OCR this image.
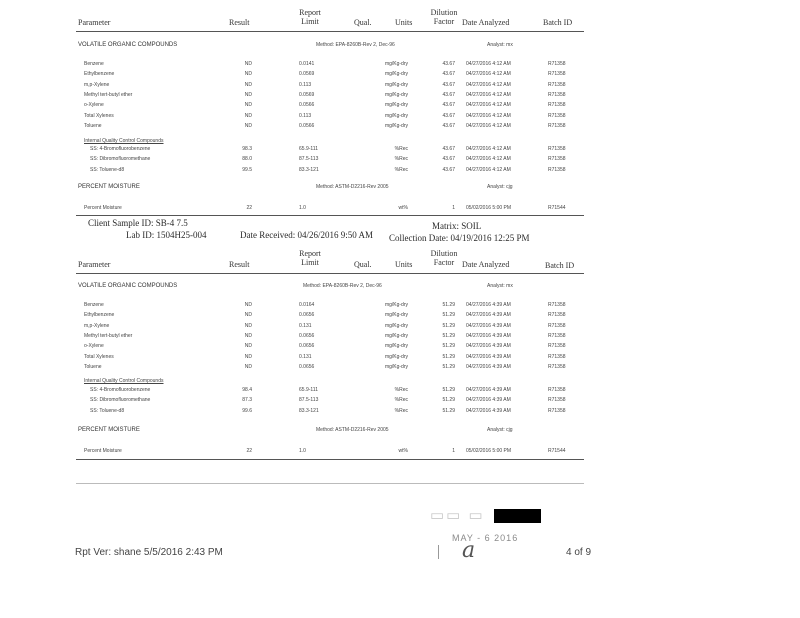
Parameter	Result
Report
Limit	Qual.	Units
Dilution
Factor Date Analyzed	Batch ID
VOLATILE ORGANIC COMPOUNDS	Method: EPA-8260B-Rev 2, Dec-96	Analyst: mx
Benzene	ND	0.0141	mg/Kg-dry	43.67 04/27/2016 4:12 AM	R71358
Ethylbenzene	ND	0.0569	mg/Kg-dry	43.67 04/27/2016 4:12 AM	R71358
m,p-Xylene	ND	0.113	mg/Kg-dry	43.67 04/27/2016 4:12 AM	R71358
Methyl tert-butyl ether	ND	0.0569	mg/Kg-dry	43.67 04/27/2016 4:12 AM	R71358
o-Xylene	ND	0.0566	mg/Kg-dry	43.67 04/27/2016 4:12 AM	R71358
Total Xylenes	ND	0.113	mg/Kg-dry	43.67 04/27/2016 4:12 AM	R71358
Toluene	ND	0.0566	mg/Kg-dry	43.67 04/27/2016 4:12 AM	R71358
Internal Quality Control Compounds
SS: 4-Bromofluorobenzene	98.3	65.9-111	%Rec	43.67 04/27/2016 4:12 AM	R71358
SS: Dibromofluoromethane	88.0	87.5-113	%Rec	43.67 04/27/2016 4:12 AM	R71358
SS: Toluene-d8	99.5	83.3-121	%Rec	43.67 04/27/2016 4:12 AM	R71358
PERCENT MOISTURE	Method: ASTM-D2216-Rev 2005	Analyst: cjg
Percent Moisture	22	1.0	wt%	1 05/02/2016 5:00 PM	R71544
Client Sample ID: SB-4 7.5
Lab ID: 1504H25-004	Date Received: 04/26/2016 9:50 AM
Matrix: SOIL
Collection Date: 04/19/2016 12:25 PM
Parameter	Result
Report
Limit	Qual.	Units
Dilution
Factor Date Analyzed	Batch ID
VOLATILE ORGANIC COMPOUNDS	Method: EPA-8260B-Rev 2, Dec-96	Analyst: mx
Benzene	ND	0.0164	mg/Kg-dry	51.29 04/27/2016 4:39 AM	R71358
Ethylbenzene	ND	0.0656	mg/Kg-dry	51.29 04/27/2016 4:39 AM	R71358
m,p-Xylene	ND	0.131	mg/Kg-dry	51.29 04/27/2016 4:39 AM	R71358
Methyl tert-butyl ether	ND	0.0656	mg/Kg-dry	51.29 04/27/2016 4:39 AM	R71358
o-Xylene	ND	0.0656	mg/Kg-dry	51.29 04/27/2016 4:39 AM	R71358
Total Xylenes	ND	0.131	mg/Kg-dry	51.29 04/27/2016 4:39 AM	R71358
Toluene	ND	0.0656	mg/Kg-dry	51.29 04/27/2016 4:39 AM	R71358
Internal Quality Control Compounds
SS: 4-Bromofluorobenzene	98.4	65.9-111	%Rec	51.29 04/27/2016 4:39 AM	R71358
SS: Dibromofluoromethane	87.3	87.5-113	%Rec	51.29 04/27/2016 4:39 AM	R71358
SS: Toluene-d8	99.6	83.3-121	%Rec	51.29 04/27/2016 4:39 AM	R71358
PERCENT MOISTURE	Method: ASTM-D2216-Rev 2005	Analyst: cjg
Percent Moisture	22	1.0	wt%	1 05/02/2016 5:00 PM	R71544
▭▭ ▭
MAY - 6 2016
a
Rpt Ver: shane 5/5/2016 2:43 PM	4 of 9
